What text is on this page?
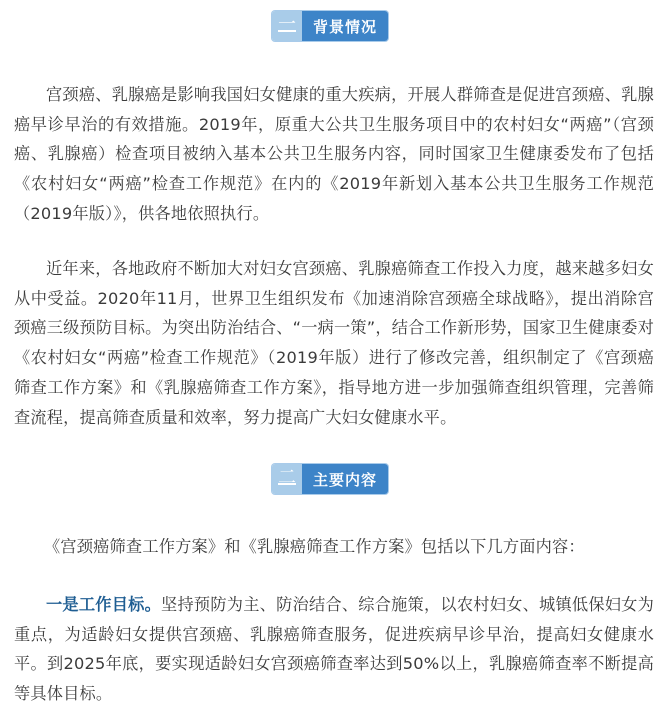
一	背景情况

宫颈癌、乳腺癌是影响我国妇女健康的重大疾病，开展人群筛查是促进宫颈癌、乳腺癌早诊早治的有效措施。2019年，原重大公共卫生服务项目中的农村妇女“两癌”（宫颈癌、乳腺癌）检查项目被纳入基本公共卫生服务内容，同时国家卫生健康委发布了包括《农村妇女“两癌”检查工作规范》在内的《2019年新划入基本公共卫生服务工作规范（2019年版）》，供各地依照执行。

近年来，各地政府不断加大对妇女宫颈癌、乳腺癌筛查工作投入力度，越来越多妇女从中受益。2020年11月，世界卫生组织发布《加速消除宫颈癌全球战略》，提出消除宫颈癌三级预防目标。为突出防治结合、“一病一策”，结合工作新形势，国家卫生健康委对《农村妇女“两癌”检查工作规范》（2019年版）进行了修改完善，组织制定了《宫颈癌筛查工作方案》和《乳腺癌筛查工作方案》，指导地方进一步加强筛查组织管理，完善筛查流程，提高筛查质量和效率，努力提高广大妇女健康水平。

二	主要内容

《宫颈癌筛查工作方案》和《乳腺癌筛查工作方案》包括以下几方面内容：

一是工作目标。坚持预防为主、防治结合、综合施策，以农村妇女、城镇低保妇女为重点，为适龄妇女提供宫颈癌、乳腺癌筛查服务，促进疾病早诊早治，提高妇女健康水平。到2025年底，要实现适龄妇女宫颈癌筛查率达到50%以上，乳腺癌筛查率不断提高等具体目标。
